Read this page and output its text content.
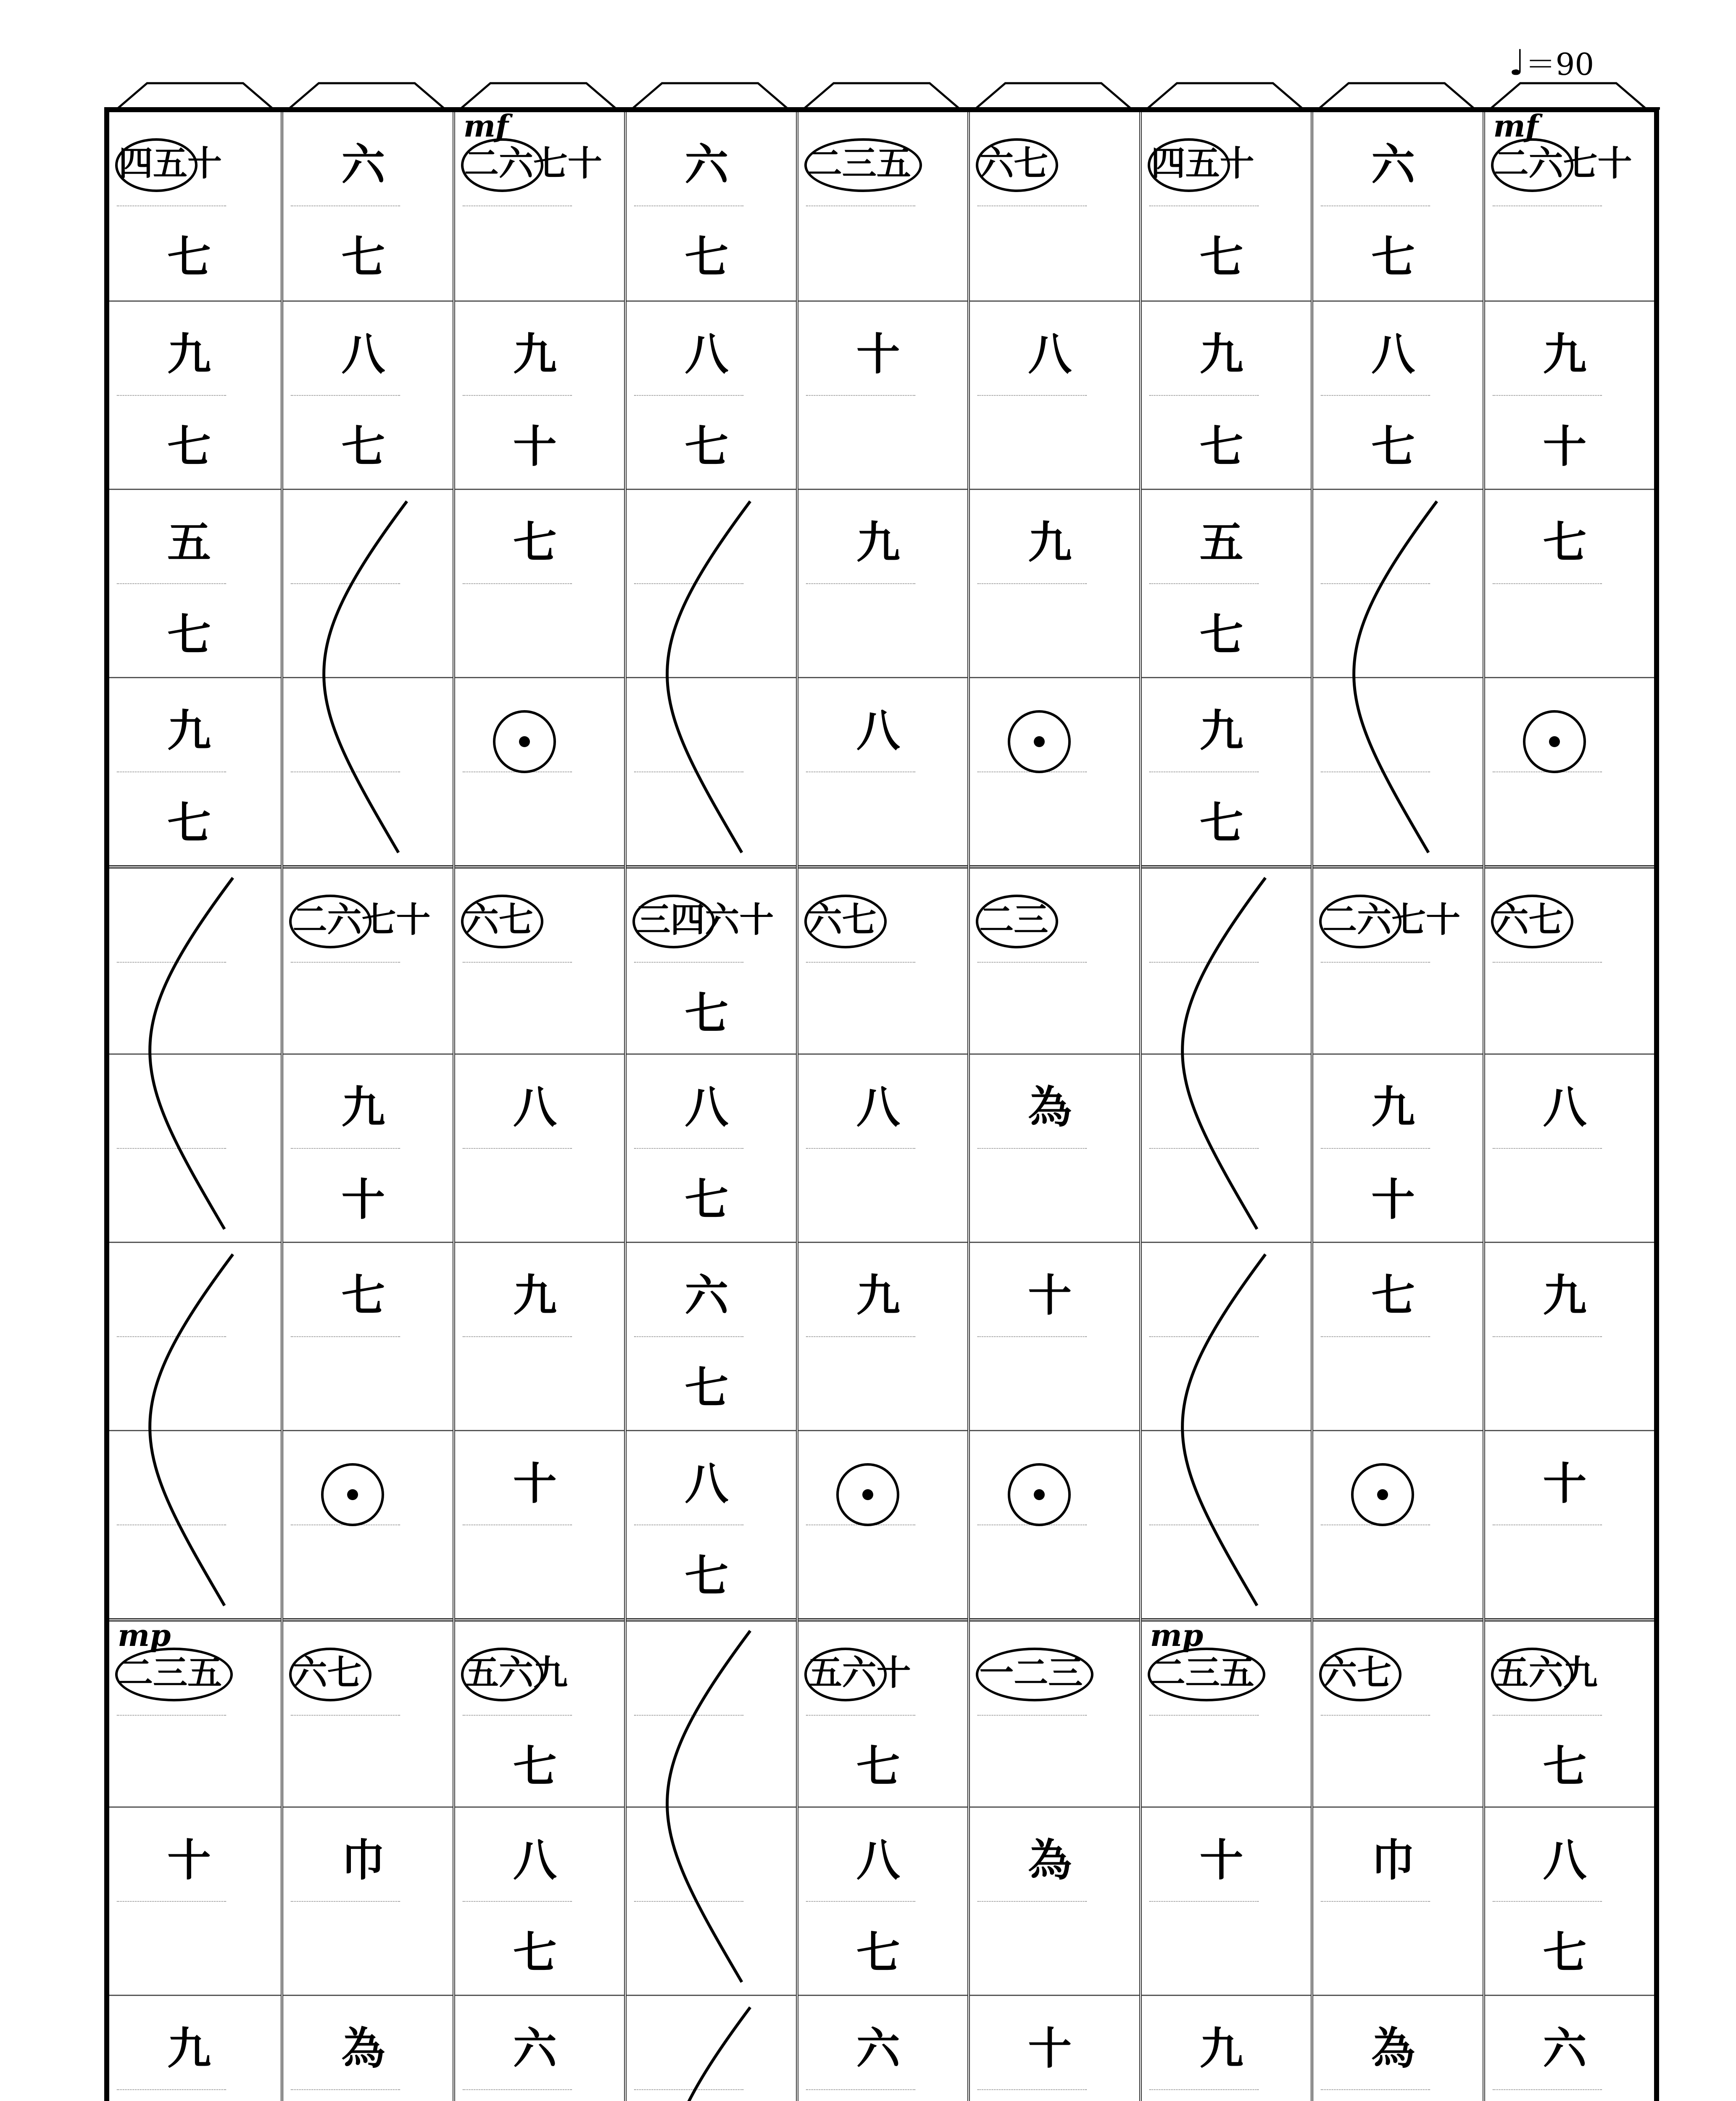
♩＝90
四五十
七
九
七
五
七
九
七
二三五
mp
十
九
六
七
八
七
二六七十
九
十
七
六七
巾
為
二六七十
mf
九
十
七
六七
八
九
十
五六九
七
八
七
六
六
七
八
七
三四六十
七
八
七
六
七
八
七
二三五
十
九
八
六七
八
九
五六十
七
八
七
六
六七
八
九
二三
為
十
一二三
為
十
四五十
七
九
七
五
七
九
七
二三五
mp
十
九
六
七
八
七
二六七十
九
十
七
六七
巾
為
二六七十
mf
九
十
七
六七
八
九
十
五六九
七
八
七
六
